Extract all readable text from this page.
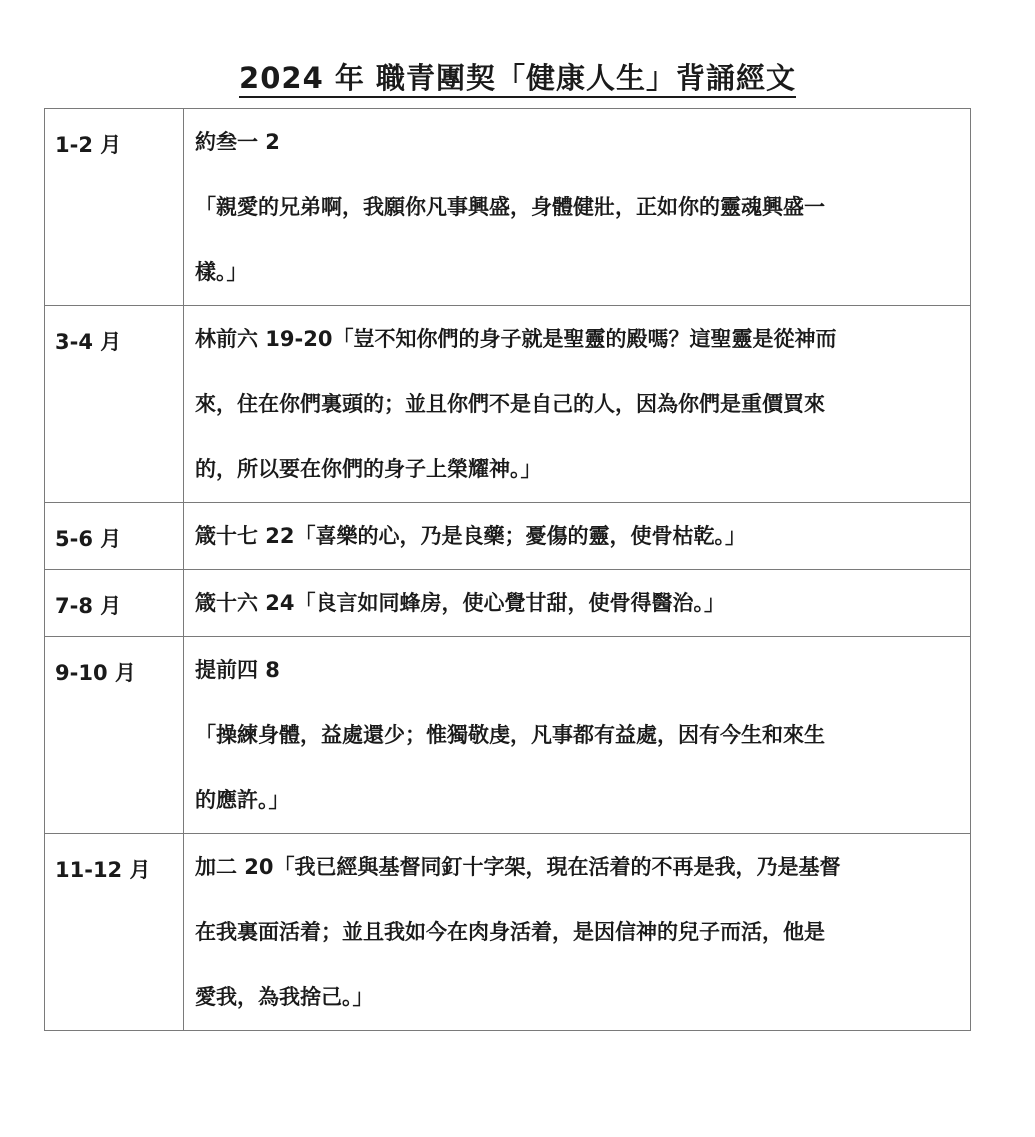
2024 年 職青團契「健康人生」背誦經文
1-2 月	約叁一 2
「親愛的兄弟啊，我願你凡事興盛，身體健壯，正如你的靈魂興盛一
樣。」

3-4 月	林前六 19-20「豈不知你們的身子就是聖靈的殿嗎？這聖靈是從神而
來，住在你們裏頭的；並且你們不是自己的人，因為你們是重價買來
的，所以要在你們的身子上榮耀神。」

5-6 月	箴十七 22「喜樂的心，乃是良藥；憂傷的靈，使骨枯乾。」

7-8 月	箴十六 24「良言如同蜂房，使心覺甘甜，使骨得醫治。」

9-10 月	提前四 8
「操練身體，益處還少；惟獨敬虔，凡事都有益處，因有今生和來生
的應許。」

11-12 月	加二 20「我已經與基督同釘十字架，現在活着的不再是我，乃是基督
在我裏面活着；並且我如今在肉身活着，是因信神的兒子而活，他是
愛我，為我捨己。」
